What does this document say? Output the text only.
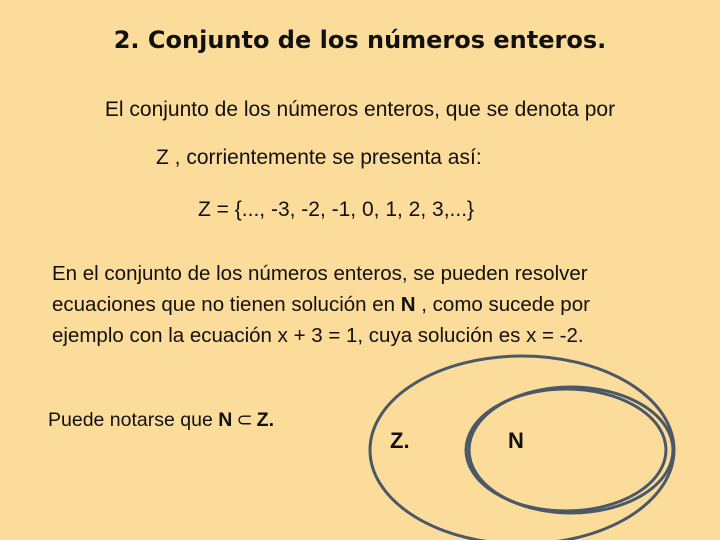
2. Conjunto de los números enteros.
El conjunto de los números enteros, que se denota por
Z , corrientemente se presenta así:
Z = {..., -3, -2, -1, 0, 1, 2, 3,...}
En el conjunto de los números enteros, se pueden resolver
ecuaciones que no tienen solución en N , como sucede por
ejemplo con la ecuación x + 3 = 1, cuya solución es x = -2.
Puede notarse que N ⊂ Z.
Z.	N
